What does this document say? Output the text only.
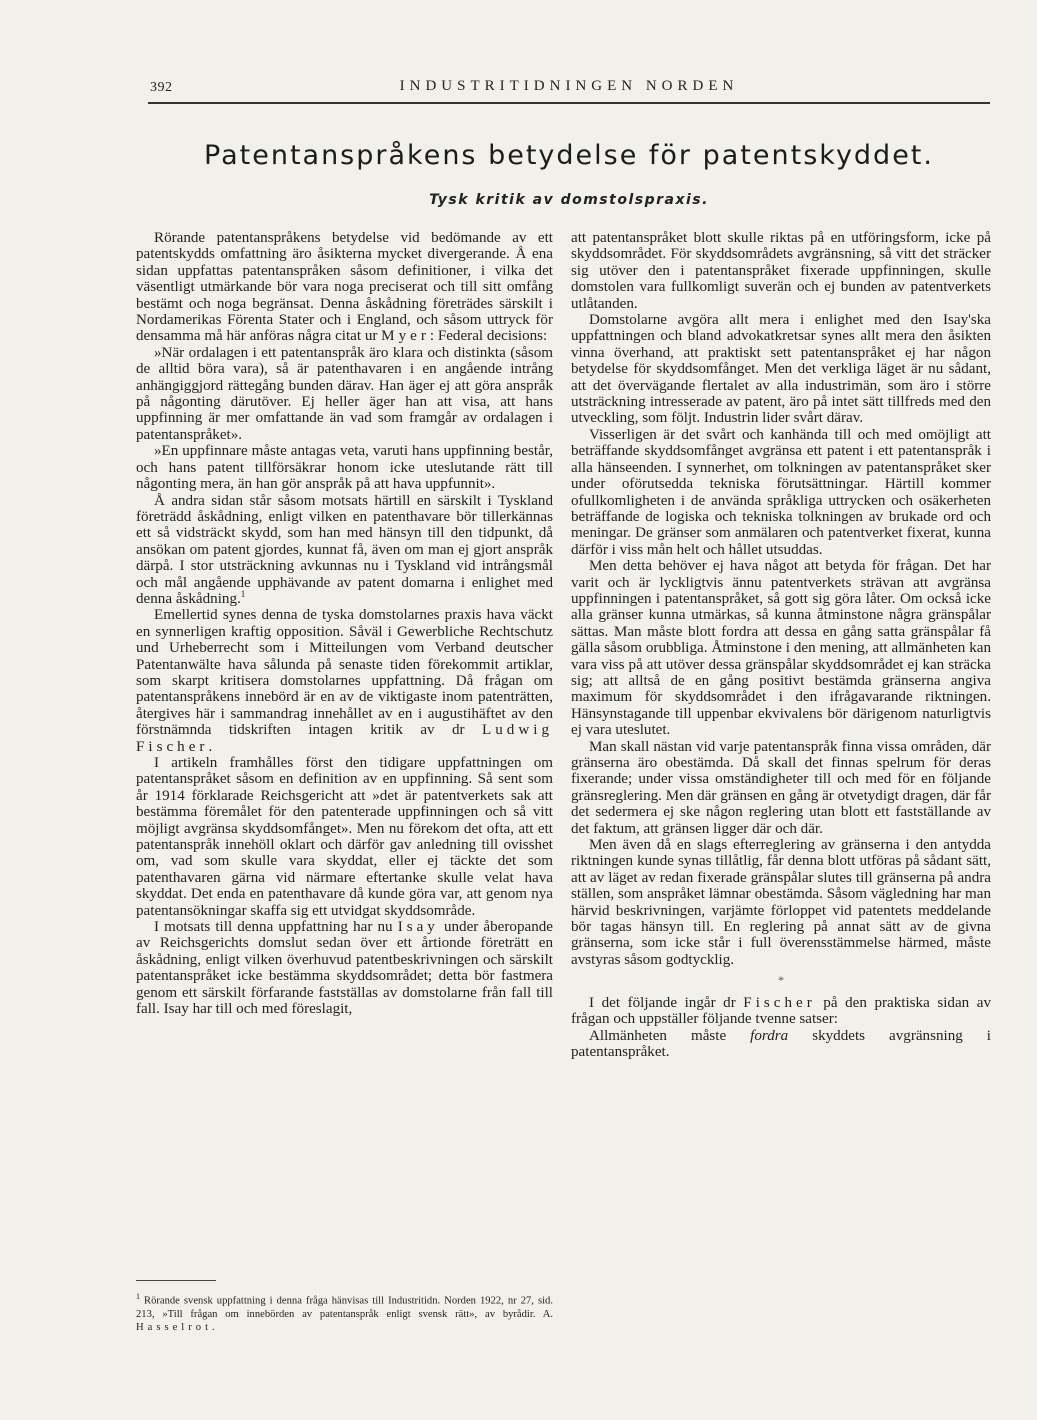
392	INDUSTRITIDNINGEN NORDEN
Patentanspråkens betydelse för patentskyddet.
Tysk kritik av domstolspraxis.

Rörande patentanspråkens betydelse vid bedömande av ett patentskydds omfattning äro åsikterna mycket divergerande. Å ena sidan uppfattas patentanspråken såsom definitioner, i vilka det väsentligt utmärkande bör vara noga preciserat och till sitt omfång bestämt och noga begränsat. Denna åskådning företrädes särskilt i Nordamerikas Förenta Stater och i England, och såsom uttryck för densamma må här anföras några citat ur Myer: Federal decisions:

»När ordalagen i ett patentanspråk äro klara och distinkta (såsom de alltid böra vara), så är patenthavaren i en angående intrång anhängiggjord rättegång bunden därav. Han äger ej att göra anspråk på någonting därutöver. Ej heller äger han att visa, att hans uppfinning är mer omfattande än vad som framgår av ordalagen i patentanspråket».

»En uppfinnare måste antagas veta, varuti hans uppfinning består, och hans patent tillförsäkrar honom icke uteslutande rätt till någonting mera, än han gör anspråk på att hava uppfunnit».

Å andra sidan står såsom motsats härtill en särskilt i Tyskland företrädd åskådning, enligt vilken en patenthavare bör tillerkännas ett så vidsträckt skydd, som han med hänsyn till den tidpunkt, då ansökan om patent gjordes, kunnat få, även om man ej gjort anspråk därpå. I stor utsträckning avkunnas nu i Tyskland vid intrångsmål och mål angående upphävande av patent domarna i enlighet med denna åskådning.$^1$

Emellertid synes denna de tyska domstolarnes praxis hava väckt en synnerligen kraftig opposition. Såväl i Gewerbliche Rechtschutz und Urheberrecht som i Mitteilungen vom Verband deutscher Patentanwälte hava sålunda på senaste tiden förekommit artiklar, som skarpt kritisera domstolarnes uppfattning. Då frågan om patentanspråkens innebörd är en av de viktigaste inom patenträtten, återgives här i sammandrag innehållet av en i augustihäftet av den förstnämnda tidskriften intagen kritik av dr Ludwig Fischer.

I artikeln framhålles först den tidigare uppfattningen om patentanspråket såsom en definition av en uppfinning. Så sent som år 1914 förklarade Reichsgericht att »det är patentverkets sak att bestämma föremålet för den patenterade uppfinningen och så vitt möjligt avgränsa skyddsomfånget». Men nu förekom det ofta, att ett patentanspråk innehöll oklart och därför gav anledning till ovisshet om, vad som skulle vara skyddat, eller ej täckte det som patenthavaren gärna vid närmare eftertanke skulle velat hava skyddat. Det enda en patenthavare då kunde göra var, att genom nya patentansökningar skaffa sig ett utvidgat skyddsområde.

I motsats till denna uppfattning har nu Isay under åberopande av Reichsgerichts domslut sedan över ett årtionde företrätt en åskådning, enligt vilken överhuvud patentbeskrivningen och särskilt patentanspråket icke bestämma skyddsområdet; detta bör fastmera genom ett särskilt förfarande fastställas av domstolarne från fall till fall. Isay har till och med föreslagit,

$^1$ Rörande svensk uppfattning i denna fråga hänvisas till Industritidn. Norden 1922, nr 27, sid. 213, »Till frågan om innebörden av patentanspråk enligt svensk rätt», av byrådir. A. Hasselrot.

att patentanspråket blott skulle riktas på en utföringsform, icke på skyddsområdet. För skyddsområdets avgränsning, så vitt det sträcker sig utöver den i patentanspråket fixerade uppfinningen, skulle domstolen vara fullkomligt suverän och ej bunden av patentverkets utlåtanden.

Domstolarne avgöra allt mera i enlighet med den Isay'ska uppfattningen och bland advokatkretsar synes allt mera den åsikten vinna överhand, att praktiskt sett patentanspråket ej har någon betydelse för skyddsomfånget. Men det verkliga läget är nu sådant, att det övervägande flertalet av alla industrimän, som äro i större utsträckning intresserade av patent, äro på intet sätt tillfreds med den utveckling, som följt. Industrin lider svårt därav.

Visserligen är det svårt och kanhända till och med omöjligt att beträffande skyddsomfånget avgränsa ett patent i ett patentanspråk i alla hänseenden. I synnerhet, om tolkningen av patentanspråket sker under oförutsedda tekniska förutsättningar. Härtill kommer ofullkomligheten i de använda språkliga uttrycken och osäkerheten beträffande de logiska och tekniska tolkningen av brukade ord och meningar. De gränser som anmälaren och patentverket fixerat, kunna därför i viss mån helt och hållet utsuddas.

Men detta behöver ej hava något att betyda för frågan. Det har varit och är lyckligtvis ännu patentverkets strävan att avgränsa uppfinningen i patentanspråket, så gott sig göra låter. Om också icke alla gränser kunna utmärkas, så kunna åtminstone några gränspålar sättas. Man måste blott fordra att dessa en gång satta gränspålar få gälla såsom orubbliga. Åtminstone i den mening, att allmänheten kan vara viss på att utöver dessa gränspålar skyddsområdet ej kan sträcka sig; att alltså de en gång positivt bestämda gränserna angiva maximum för skyddsområdet i den ifrågavarande riktningen. Hänsynstagande till uppenbar ekvivalens bör därigenom naturligtvis ej vara uteslutet.

Man skall nästan vid varje patentanspråk finna vissa områden, där gränserna äro obestämda. Då skall det finnas spelrum för deras fixerande; under vissa omständigheter till och med för en följande gränsreglering. Men där gränsen en gång är otvetydigt dragen, där får det sedermera ej ske någon reglering utan blott ett fastställande av det faktum, att gränsen ligger där och där.

Men även då en slags efterreglering av gränserna i den antydda riktningen kunde synas tillåtlig, får denna blott utföras på sådant sätt, att av läget av redan fixerade gränspålar slutes till gränserna på andra ställen, som anspråket lämnar obestämda. Såsom vägledning har man härvid beskrivningen, varjämte förloppet vid patentets meddelande bör tagas hänsyn till. En reglering på annat sätt av de givna gränserna, som icke står i full överensstämmelse härmed, måste avstyras såsom godtycklig.

*

I det följande ingår dr Fischer på den praktiska sidan av frågan och uppställer följande tvenne satser:

Allmänheten måste fordra skyddets avgränsning i patentanspråket.
